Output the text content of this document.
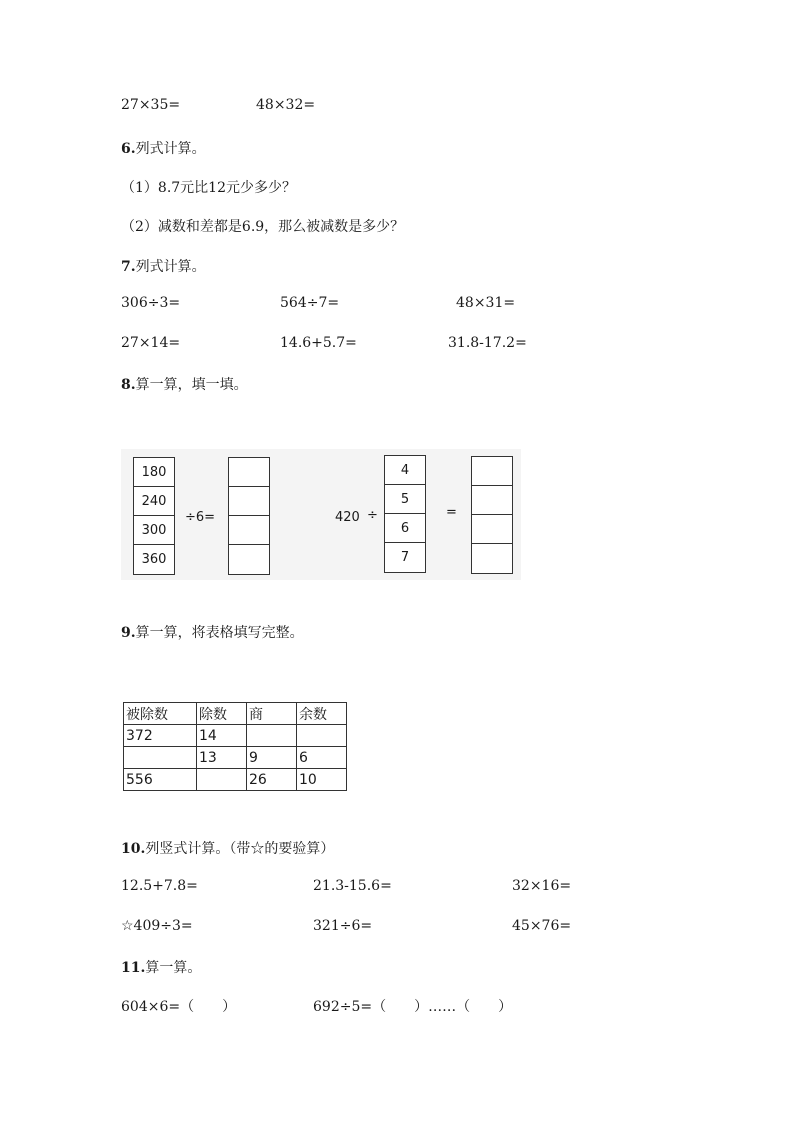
27×35=	48×32=
6.列式计算。
（1）8.7元比12元少多少？
（2）减数和差都是6.9，那么被减数是多少？
7.列式计算。
306÷3=	564÷7=	48×31=
27×14=	14.6+5.7=	31.8-17.2=
8.算一算，填一填。
180
240
300
360
÷6=	420 ÷
4
5
6
7
=
9.算一算，将表格填写完整。
被除数	除数	商	余数
372	14		
	13	9	6
556		26	10
10.列竖式计算。（带☆的要验算）
12.5+7.8=	21.3-15.6=	32×16=
☆409÷3=	321÷6=	45×76=
11.算一算。
604×6=（　　）	692÷5=（　　）……（　　）
